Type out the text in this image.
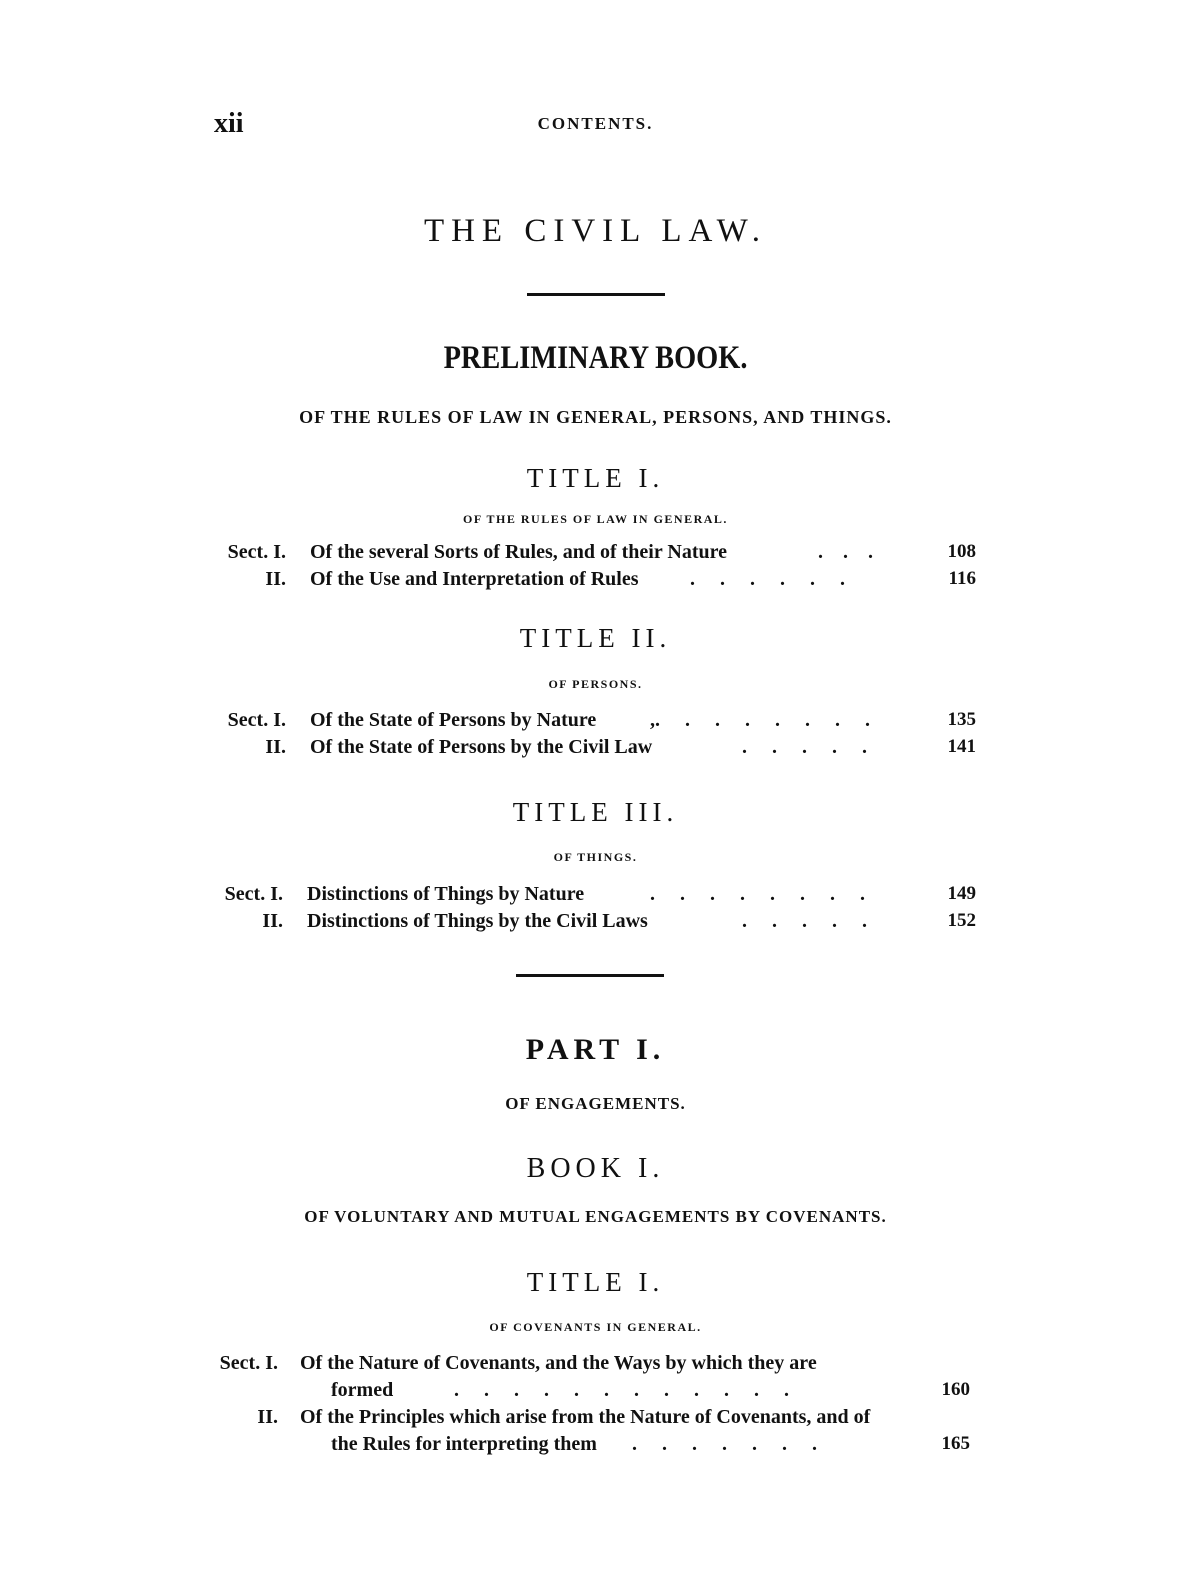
xii	CONTENTS.
THE CIVIL LAW.
PRELIMINARY BOOK.
OF THE RULES OF LAW IN GENERAL, PERSONS, AND THINGS.
TITLE I.
OF THE RULES OF LAW IN GENERAL.
Sect. I. Of the several Sorts of Rules, and of their Nature	.    .    .	108
II. Of the Use and Interpretation of Rules	.     .     .     .     .     .	116
TITLE II.
OF PERSONS.
Sect. I. Of the State of Persons by Nature	,.     .     .     .     .     .     .     .	135
II. Of the State of Persons by the Civil Law	.     .     .     .     .	141
TITLE III.
OF THINGS.
Sect. I. Distinctions of Things by Nature	.     .     .     .     .     .     .     .	149
II. Distinctions of Things by the Civil Laws	.     .     .     .     .	152
PART I.
OF ENGAGEMENTS.
BOOK I.
OF VOLUNTARY AND MUTUAL ENGAGEMENTS BY COVENANTS.
TITLE I.
OF COVENANTS IN GENERAL.
Sect. I. Of the Nature of Covenants, and the Ways by which they are
formed	.     .     .     .     .     .     .     .     .     .     .     .	160
II. Of the Principles which arise from the Nature of Covenants, and of
the Rules for interpreting them .     .     .     .     .     .     .	165
